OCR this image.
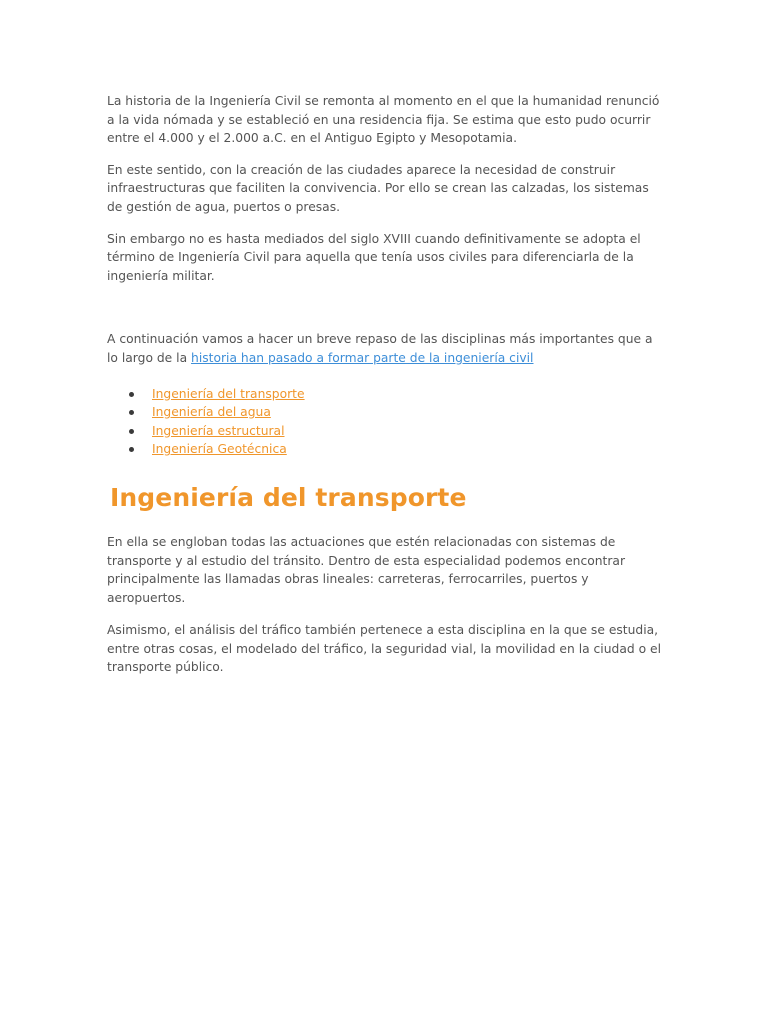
La historia de la Ingeniería Civil se remonta al momento en el que la humanidad renunció a la vida nómada y se estableció en una residencia fija. Se estima que esto pudo ocurrir entre el 4.000 y el 2.000 a.C. en el Antiguo Egipto y Mesopotamia.

En este sentido, con la creación de las ciudades aparece la necesidad de construir infraestructuras que faciliten la convivencia. Por ello se crean las calzadas, los sistemas de gestión de agua, puertos o presas.

Sin embargo no es hasta mediados del siglo XVIII cuando definitivamente se adopta el término de Ingeniería Civil para aquella que tenía usos civiles para diferenciarla de la ingeniería militar.

A continuación vamos a hacer un breve repaso de las disciplinas más importantes que a lo largo de la historia han pasado a formar parte de la ingeniería civil

Ingeniería del transporte
Ingeniería del agua
Ingeniería estructural
Ingeniería Geotécnica
Ingeniería del transporte

En ella se engloban todas las actuaciones que estén relacionadas con sistemas de transporte y al estudio del tránsito. Dentro de esta especialidad podemos encontrar principalmente las llamadas obras lineales: carreteras, ferrocarriles, puertos y aeropuertos.

Asimismo, el análisis del tráfico también pertenece a esta disciplina en la que se estudia, entre otras cosas, el modelado del tráfico, la seguridad vial, la movilidad en la ciudad o el transporte público.
